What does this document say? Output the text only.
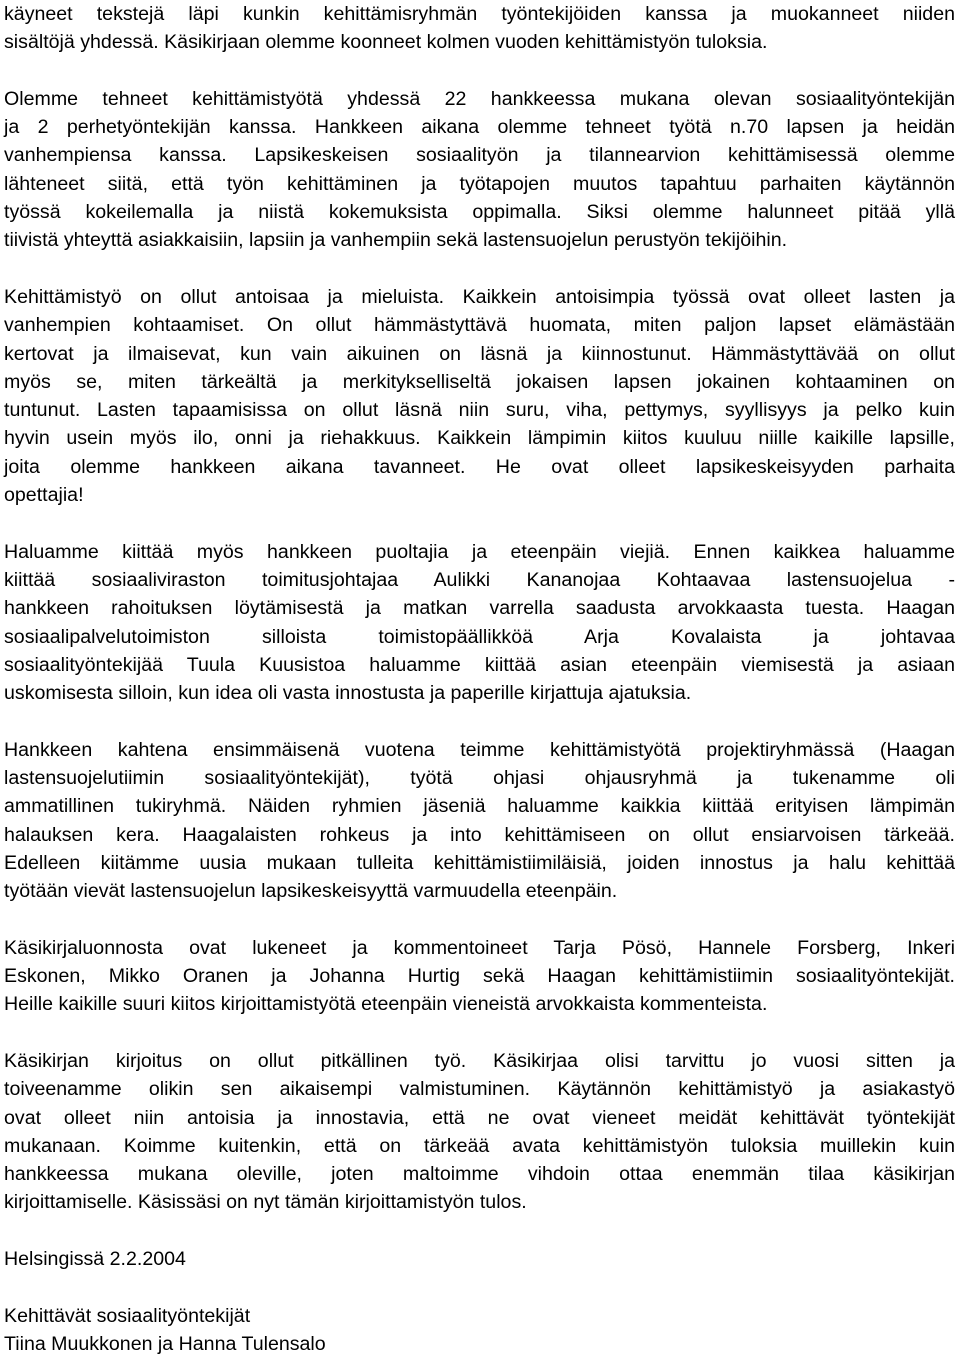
käyneet tekstejä läpi kunkin kehittämisryhmän työntekijöiden kanssa ja muokanneet niiden
sisältöjä yhdessä. Käsikirjaan olemme koonneet kolmen vuoden kehittämistyön tuloksia.
Olemme tehneet kehittämistyötä yhdessä 22 hankkeessa mukana olevan sosiaalityöntekijän
ja 2 perhetyöntekijän kanssa. Hankkeen aikana olemme tehneet työtä n.70 lapsen ja heidän
vanhempiensa kanssa. Lapsikeskeisen sosiaalityön ja tilannearvion kehittämisessä olemme
lähteneet siitä, että työn kehittäminen ja työtapojen muutos tapahtuu parhaiten käytännön
työssä kokeilemalla ja niistä kokemuksista oppimalla. Siksi olemme halunneet pitää yllä
tiivistä yhteyttä asiakkaisiin, lapsiin ja vanhempiin sekä lastensuojelun perustyön tekijöihin.
Kehittämistyö on ollut antoisaa ja mieluista. Kaikkein antoisimpia työssä ovat olleet lasten ja
vanhempien kohtaamiset. On ollut hämmästyttävä huomata, miten paljon lapset elämästään
kertovat ja ilmaisevat, kun vain aikuinen on läsnä ja kiinnostunut. Hämmästyttävää on ollut
myös se, miten tärkeältä ja merkitykselliseltä jokaisen lapsen jokainen kohtaaminen on
tuntunut. Lasten tapaamisissa on ollut läsnä niin suru, viha, pettymys, syyllisyys ja pelko kuin
hyvin usein myös ilo, onni ja riehakkuus. Kaikkein lämpimin kiitos kuuluu niille kaikille lapsille,
joita olemme hankkeen aikana tavanneet. He ovat olleet lapsikeskeisyyden parhaita
opettajia!
Haluamme kiittää myös hankkeen puoltajia ja eteenpäin viejiä. Ennen kaikkea haluamme
kiittää sosiaaliviraston toimitusjohtajaa Aulikki Kananojaa Kohtaavaa lastensuojelua -
hankkeen rahoituksen löytämisestä ja matkan varrella saadusta arvokkaasta tuesta. Haagan
sosiaalipalvelutoimiston silloista toimistopäällikköä Arja Kovalaista ja johtavaa
sosiaalityöntekijää Tuula Kuusistoa haluamme kiittää asian eteenpäin viemisestä ja asiaan
uskomisesta silloin, kun idea oli vasta innostusta ja paperille kirjattuja ajatuksia.
Hankkeen kahtena ensimmäisenä vuotena teimme kehittämistyötä projektiryhmässä (Haagan
lastensuojelutiimin sosiaalityöntekijät), työtä ohjasi ohjausryhmä ja tukenamme oli
ammatillinen tukiryhmä. Näiden ryhmien jäseniä haluamme kaikkia kiittää erityisen lämpimän
halauksen kera. Haagalaisten rohkeus ja into kehittämiseen on ollut ensiarvoisen tärkeää.
Edelleen kiitämme uusia mukaan tulleita kehittämistiimiläisiä, joiden innostus ja halu kehittää
työtään vievät lastensuojelun lapsikeskeisyyttä varmuudella eteenpäin.
Käsikirjaluonnosta ovat lukeneet ja kommentoineet Tarja Pösö, Hannele Forsberg, Inkeri
Eskonen, Mikko Oranen ja Johanna Hurtig sekä Haagan kehittämistiimin sosiaalityöntekijät.
Heille kaikille suuri kiitos kirjoittamistyötä eteenpäin vieneistä arvokkaista kommenteista.
Käsikirjan kirjoitus on ollut pitkällinen työ. Käsikirjaa olisi tarvittu jo vuosi sitten ja
toiveenamme olikin sen aikaisempi valmistuminen. Käytännön kehittämistyö ja asiakastyö
ovat olleet niin antoisia ja innostavia, että ne ovat vieneet meidät kehittävät työntekijät
mukanaan. Koimme kuitenkin, että on tärkeää avata kehittämistyön tuloksia muillekin kuin
hankkeessa mukana oleville, joten maltoimme vihdoin ottaa enemmän tilaa käsikirjan
kirjoittamiselle. Käsissäsi on nyt tämän kirjoittamistyön tulos.

Helsingissä 2.2.2004

Kehittävät sosiaalityöntekijät
Tiina Muukkonen ja Hanna Tulensalo
